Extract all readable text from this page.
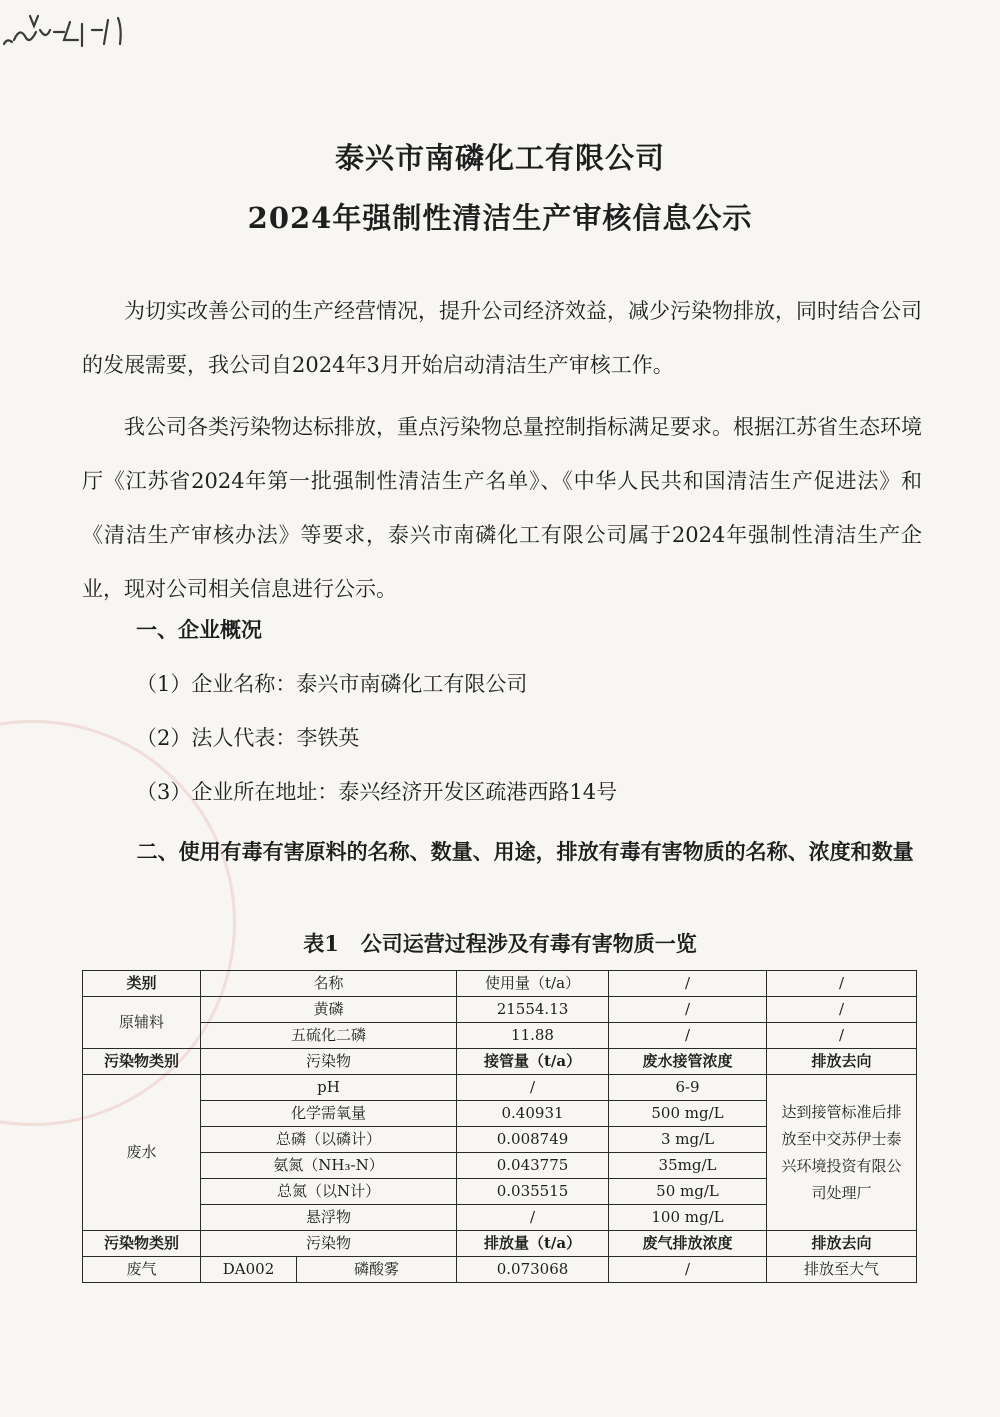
泰兴市南磷化工有限公司
2024年强制性清洁生产审核信息公示

为切实改善公司的生产经营情况，提升公司经济效益，减少污染物排放，同时结合公司的发展需要，我公司自2024年3月开始启动清洁生产审核工作。

我公司各类污染物达标排放，重点污染物总量控制指标满足要求。根据江苏省生态环境厅《江苏省2024年第一批强制性清洁生产名单》、《中华人民共和国清洁生产促进法》和《清洁生产审核办法》等要求，泰兴市南磷化工有限公司属于2024年强制性清洁生产企业，现对公司相关信息进行公示。

一、企业概况
（1）企业名称：泰兴市南磷化工有限公司
（2）法人代表：李铁英
（3）企业所在地址：泰兴经济开发区疏港西路14号
二、使用有毒有害原料的名称、数量、用途，排放有毒有害物质的名称、浓度和数量
表1   公司运营过程涉及有毒有害物质一览
类别	名称		使用量（t/a）	/	/
原辅料	黄磷		21554.13	/	/
	五硫化二磷		11.88	/	/
污染物类别	污染物		接管量（t/a）	废水接管浓度	排放去向
废水	pH		/	6-9	达到接管标准后排放至中交苏伊士泰兴环境投资有限公司处理厂
	化学需氧量		0.40931	500 mg/L	
	总磷（以磷计）		0.008749	3 mg/L	
	氨氮（NH₃-N）		0.043775	35mg/L	
	总氮（以N计）		0.035515	50 mg/L	
	悬浮物		/	100 mg/L	
污染物类别	污染物		排放量（t/a）	废气排放浓度	排放去向
废气	DA002	磷酸雾	0.073068	/	排放至大气
